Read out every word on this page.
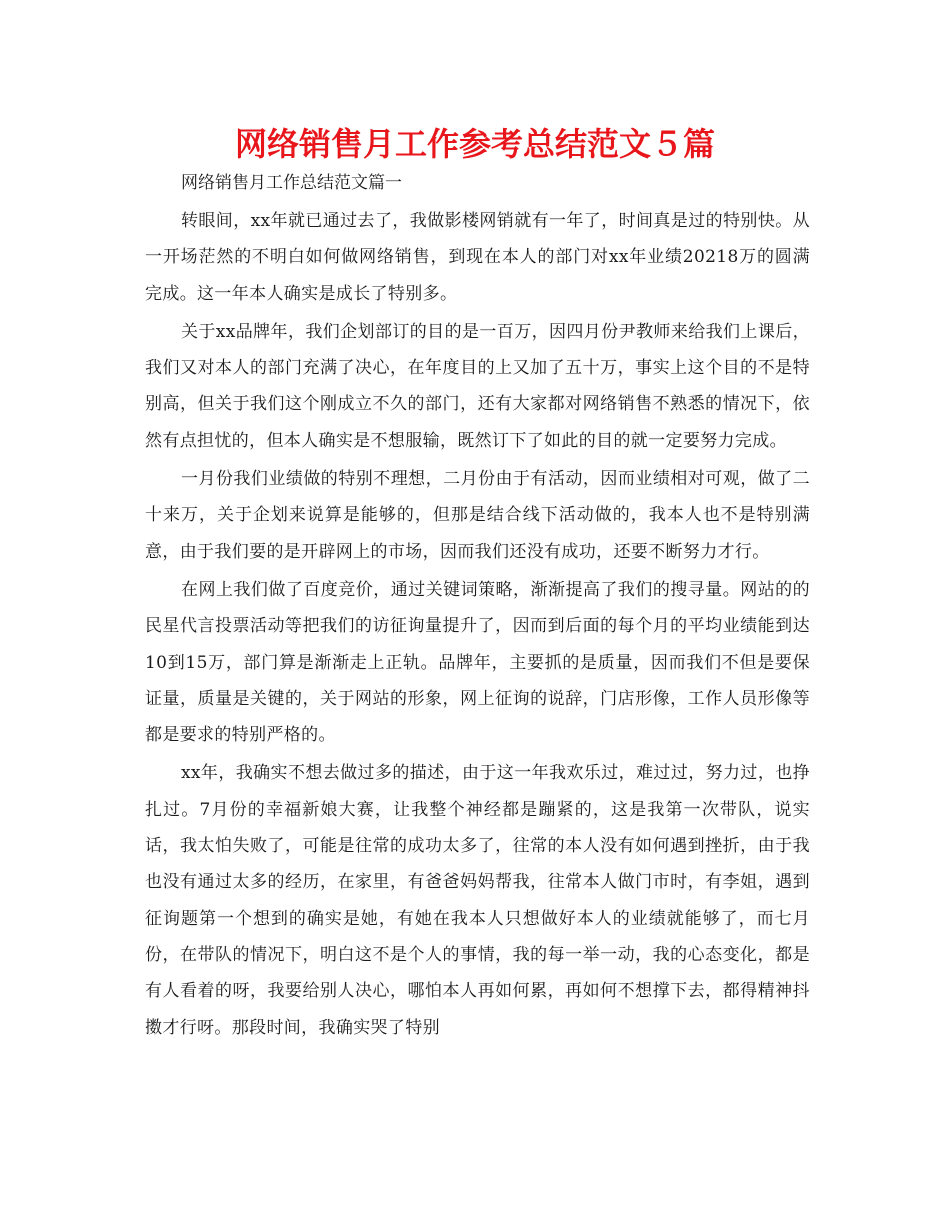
网络销售月工作参考总结范文５篇

网络销售月工作总结范文篇一

转眼间，xx年就已通过去了，我做影楼网销就有一年了，时间真是过的特别快。从一开场茫然的不明白如何做网络销售，到现在本人的部门对xx年业绩20218万的圆满完成。这一年本人确实是成长了特别多。

关于xx品牌年，我们企划部订的目的是一百万，因四月份尹教师来给我们上课后，我们又对本人的部门充满了决心，在年度目的上又加了五十万，事实上这个目的不是特别高，但关于我们这个刚成立不久的部门，还有大家都对网络销售不熟悉的情况下，依然有点担忧的，但本人确实是不想服输，既然订下了如此的目的就一定要努力完成。

一月份我们业绩做的特别不理想，二月份由于有活动，因而业绩相对可观，做了二十来万，关于企划来说算是能够的，但那是结合线下活动做的，我本人也不是特别满意，由于我们要的是开辟网上的市场，因而我们还没有成功，还要不断努力才行。

在网上我们做了百度竞价，通过关键词策略，渐渐提高了我们的搜寻量。网站的的民星代言投票活动等把我们的访征询量提升了，因而到后面的每个月的平均业绩能到达10到15万，部门算是渐渐走上正轨。品牌年，主要抓的是质量，因而我们不但是要保证量，质量是关键的，关于网站的形象，网上征询的说辞，门店形像，工作人员形像等都是要求的特别严格的。

xx年，我确实不想去做过多的描述，由于这一年我欢乐过，难过过，努力过，也挣扎过。7月份的幸福新娘大赛，让我整个神经都是蹦紧的，这是我第一次带队，说实话，我太怕失败了，可能是往常的成功太多了，往常的本人没有如何遇到挫折，由于我也没有通过太多的经历，在家里，有爸爸妈妈帮我，往常本人做门市时，有李姐，遇到征询题第一个想到的确实是她，有她在我本人只想做好本人的业绩就能够了，而七月份，在带队的情况下，明白这不是个人的事情，我的每一举一动，我的心态变化，都是有人看着的呀，我要给别人决心，哪怕本人再如何累，再如何不想撑下去，都得精神抖擞才行呀。那段时间，我确实哭了特别
